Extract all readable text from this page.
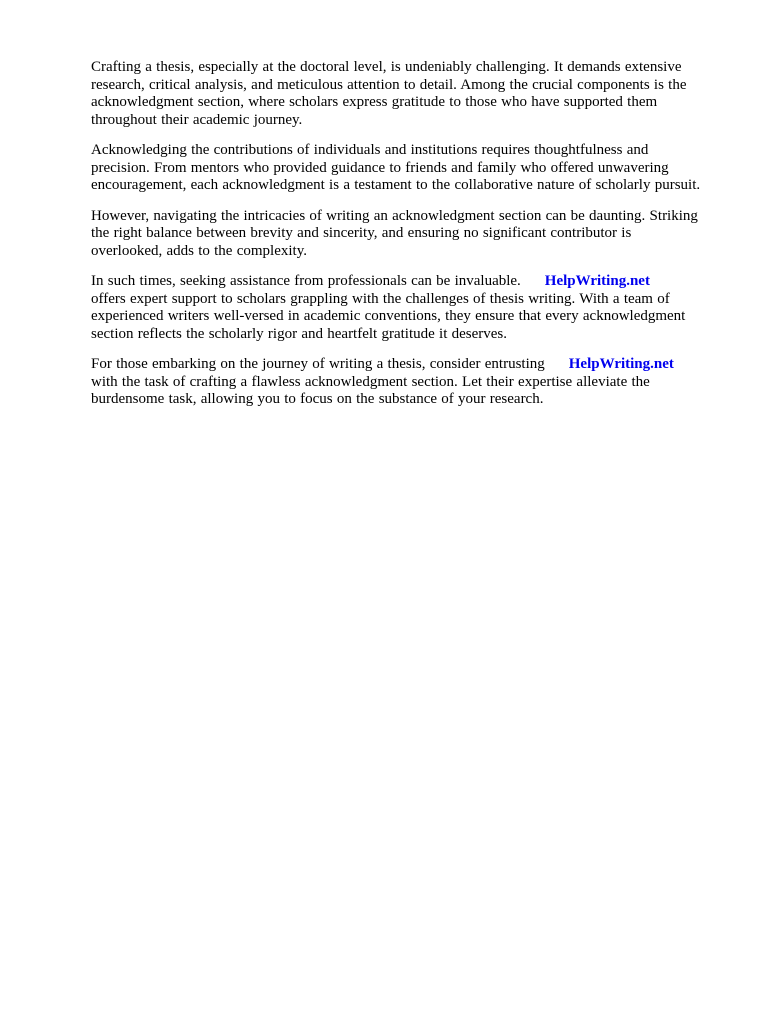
Crafting a thesis, especially at the doctoral level, is undeniably challenging. It demands extensive
research, critical analysis, and meticulous attention to detail. Among the crucial components is the
acknowledgment section, where scholars express gratitude to those who have supported them
throughout their academic journey.

Acknowledging the contributions of individuals and institutions requires thoughtfulness and
precision. From mentors who provided guidance to friends and family who offered unwavering
encouragement, each acknowledgment is a testament to the collaborative nature of scholarly pursuit.

However, navigating the intricacies of writing an acknowledgment section can be daunting. Striking
the right balance between brevity and sincerity, and ensuring no significant contributor is
overlooked, adds to the complexity.

In such times, seeking assistance from professionals can be invaluable. HelpWriting.net
offers expert support to scholars grappling with the challenges of thesis writing. With a team of
experienced writers well-versed in academic conventions, they ensure that every acknowledgment
section reflects the scholarly rigor and heartfelt gratitude it deserves.

For those embarking on the journey of writing a thesis, consider entrusting HelpWriting.net
with the task of crafting a flawless acknowledgment section. Let their expertise alleviate the
burdensome task, allowing you to focus on the substance of your research.
